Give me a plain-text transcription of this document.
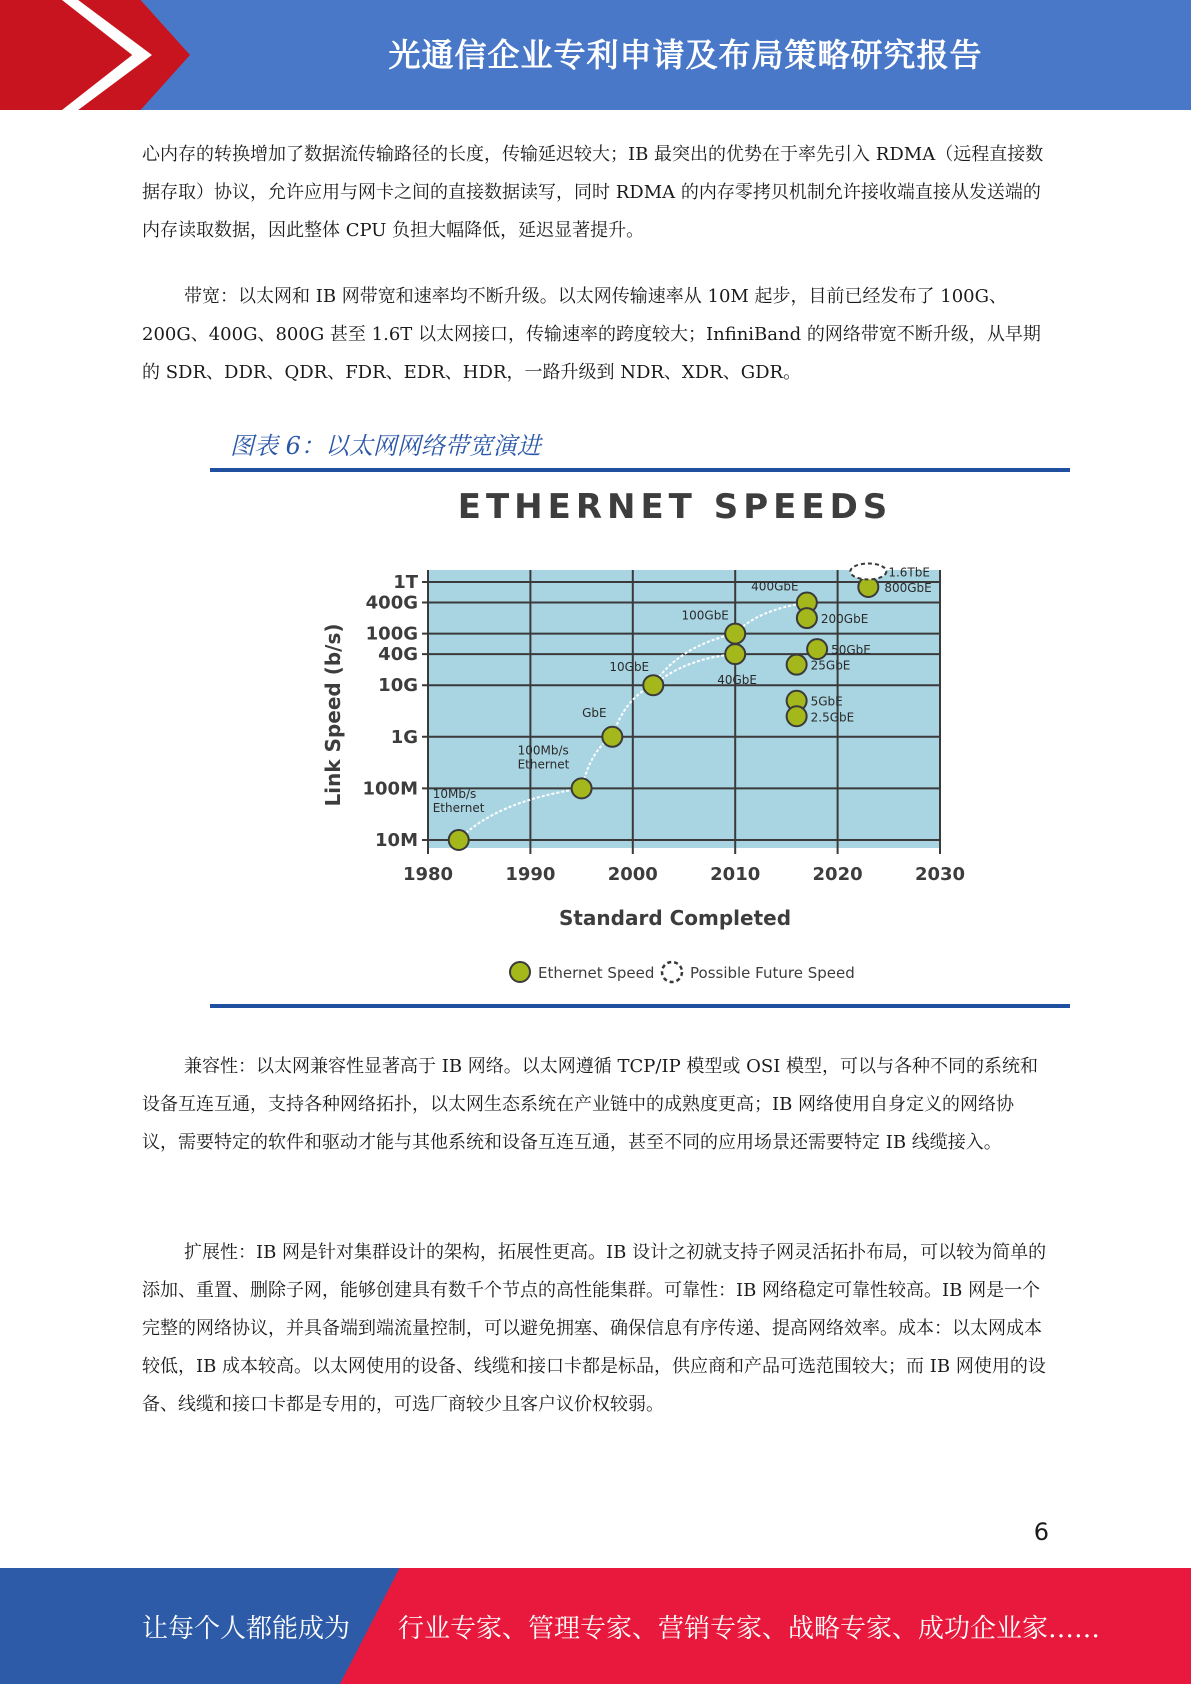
光通信企业专利申请及布局策略研究报告

心内存的转换增加了数据流传输路径的长度，传输延迟较大；IB 最突出的优势在于率先引入 RDMA（远程直接数据存取）协议，允许应用与网卡之间的直接数据读写，同时 RDMA 的内存零拷贝机制允许接收端直接从发送端的内存读取数据，因此整体 CPU 负担大幅降低，延迟显著提升。

带宽：以太网和 IB 网带宽和速率均不断升级。以太网传输速率从 10M 起步，目前已经发布了 100G、200G、400G、800G 甚至 1.6T 以太网接口，传输速率的跨度较大；InfiniBand 的网络带宽不断升级，从早期的 SDR、DDR、QDR、FDR、EDR、HDR，一路升级到 NDR、XDR、GDR。

图表 6：以太网网络带宽演进
ETHERNET SPEEDS
1980	1990	2000	2010	2020	2030
10M
100M
1G
10G
40G
100G
400G
1T
10Mb/s Ethernet
100Mb/s Ethernet
GbE
10GbE
40GbE
100GbE
400GbE
200GbE
50GbE
25GbE
5GbE
2.5GbE
800GbE
1.6TbE
Standard Completed
Link Speed (b/s)
Ethernet Speed Possible Future Speed

兼容性：以太网兼容性显著高于 IB 网络。以太网遵循 TCP/IP 模型或 OSI 模型，可以与各种不同的系统和设备互连互通，支持各种网络拓扑，以太网生态系统在产业链中的成熟度更高；IB 网络使用自身定义的网络协议，需要特定的软件和驱动才能与其他系统和设备互连互通，甚至不同的应用场景还需要特定 IB 线缆接入。

扩展性：IB 网是针对集群设计的架构，拓展性更高。IB 设计之初就支持子网灵活拓扑布局，可以较为简单的添加、重置、删除子网，能够创建具有数千个节点的高性能集群。可靠性：IB 网络稳定可靠性较高。IB 网是一个完整的网络协议，并具备端到端流量控制，可以避免拥塞、确保信息有序传递、提高网络效率。成本：以太网成本较低，IB 成本较高。以太网使用的设备、线缆和接口卡都是标品，供应商和产品可选范围较大；而 IB 网使用的设备、线缆和接口卡都是专用的，可选厂商较少且客户议价权较弱。

6
让每个人都能成为 行业专家、管理专家、营销专家、战略专家、成功企业家……
